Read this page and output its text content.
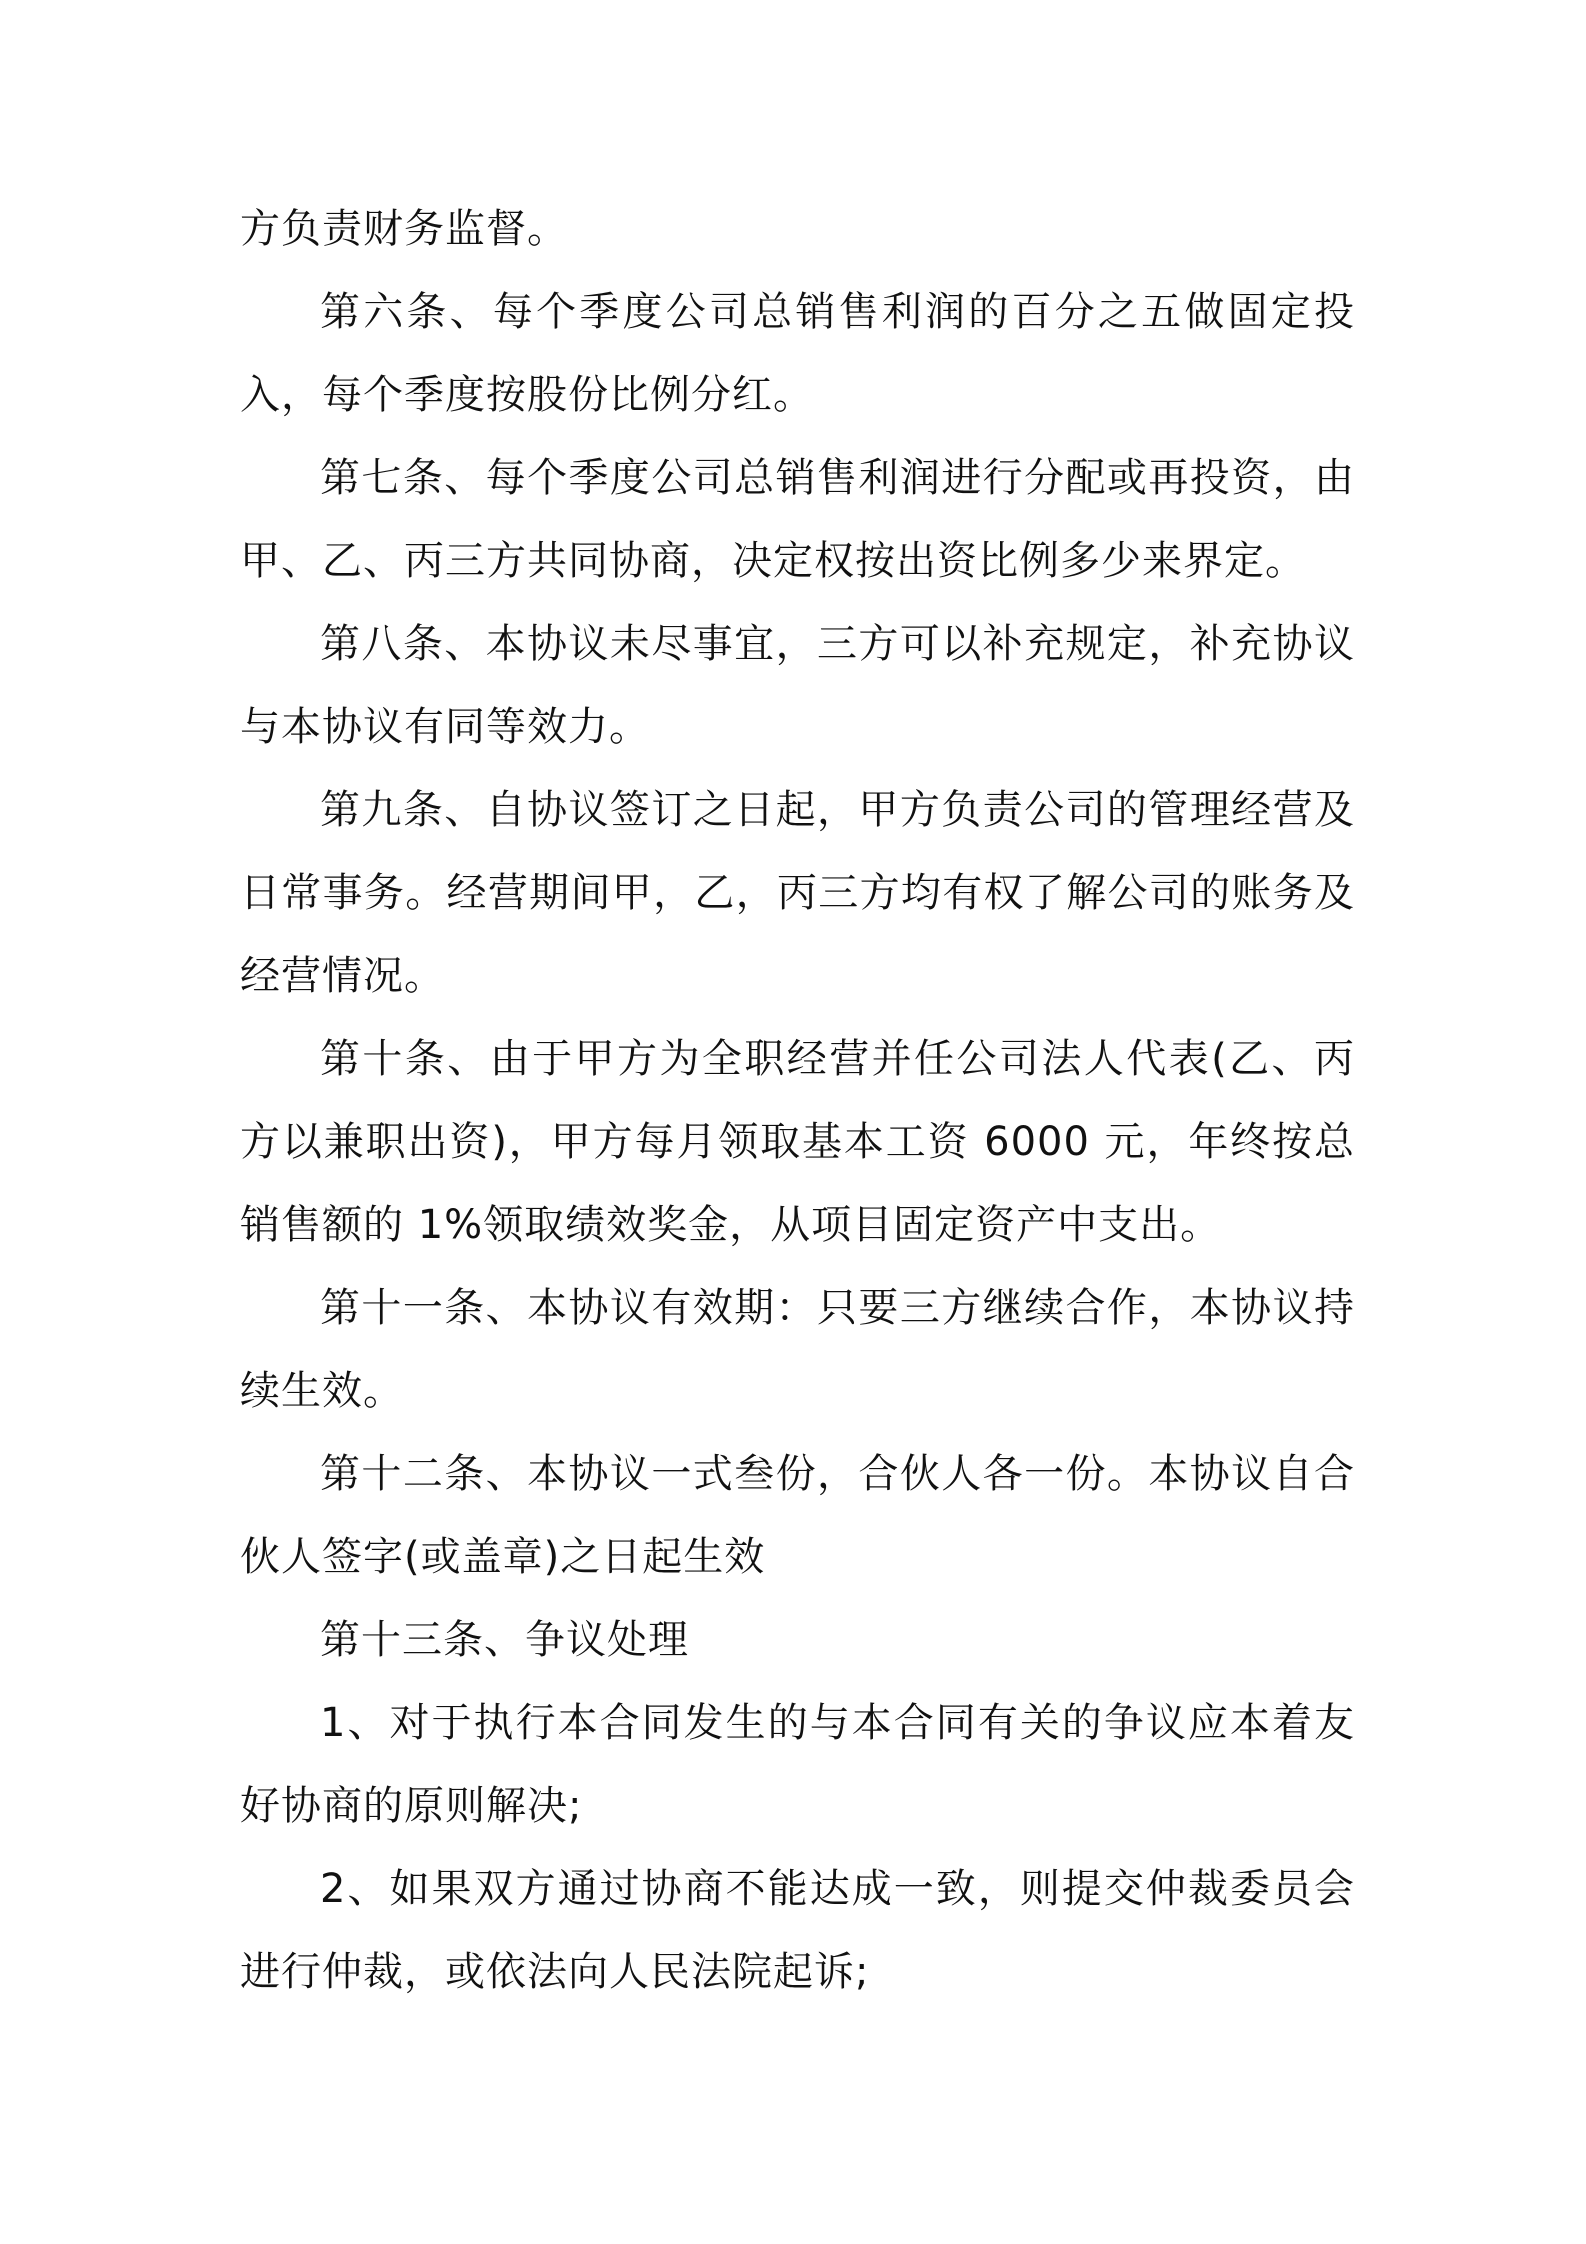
方负责财务监督。

第六条、每个季度公司总销售利润的百分之五做固定投入，每个季度按股份比例分红。

第七条、每个季度公司总销售利润进行分配或再投资，由甲、乙、丙三方共同协商，决定权按出资比例多少来界定。

第八条、本协议未尽事宜，三方可以补充规定，补充协议与本协议有同等效力。

第九条、自协议签订之日起，甲方负责公司的管理经营及日常事务。经营期间甲，乙，丙三方均有权了解公司的账务及经营情况。

第十条、由于甲方为全职经营并任公司法人代表(乙、丙方以兼职出资)，甲方每月领取基本工资 6000 元，年终按总销售额的 1%领取绩效奖金，从项目固定资产中支出。

第十一条、本协议有效期：只要三方继续合作，本协议持续生效。

第十二条、本协议一式叁份，合伙人各一份。本协议自合伙人签字(或盖章)之日起生效

第十三条、争议处理

1、对于执行本合同发生的与本合同有关的争议应本着友好协商的原则解决;

2、如果双方通过协商不能达成一致，则提交仲裁委员会进行仲裁，或依法向人民法院起诉;
